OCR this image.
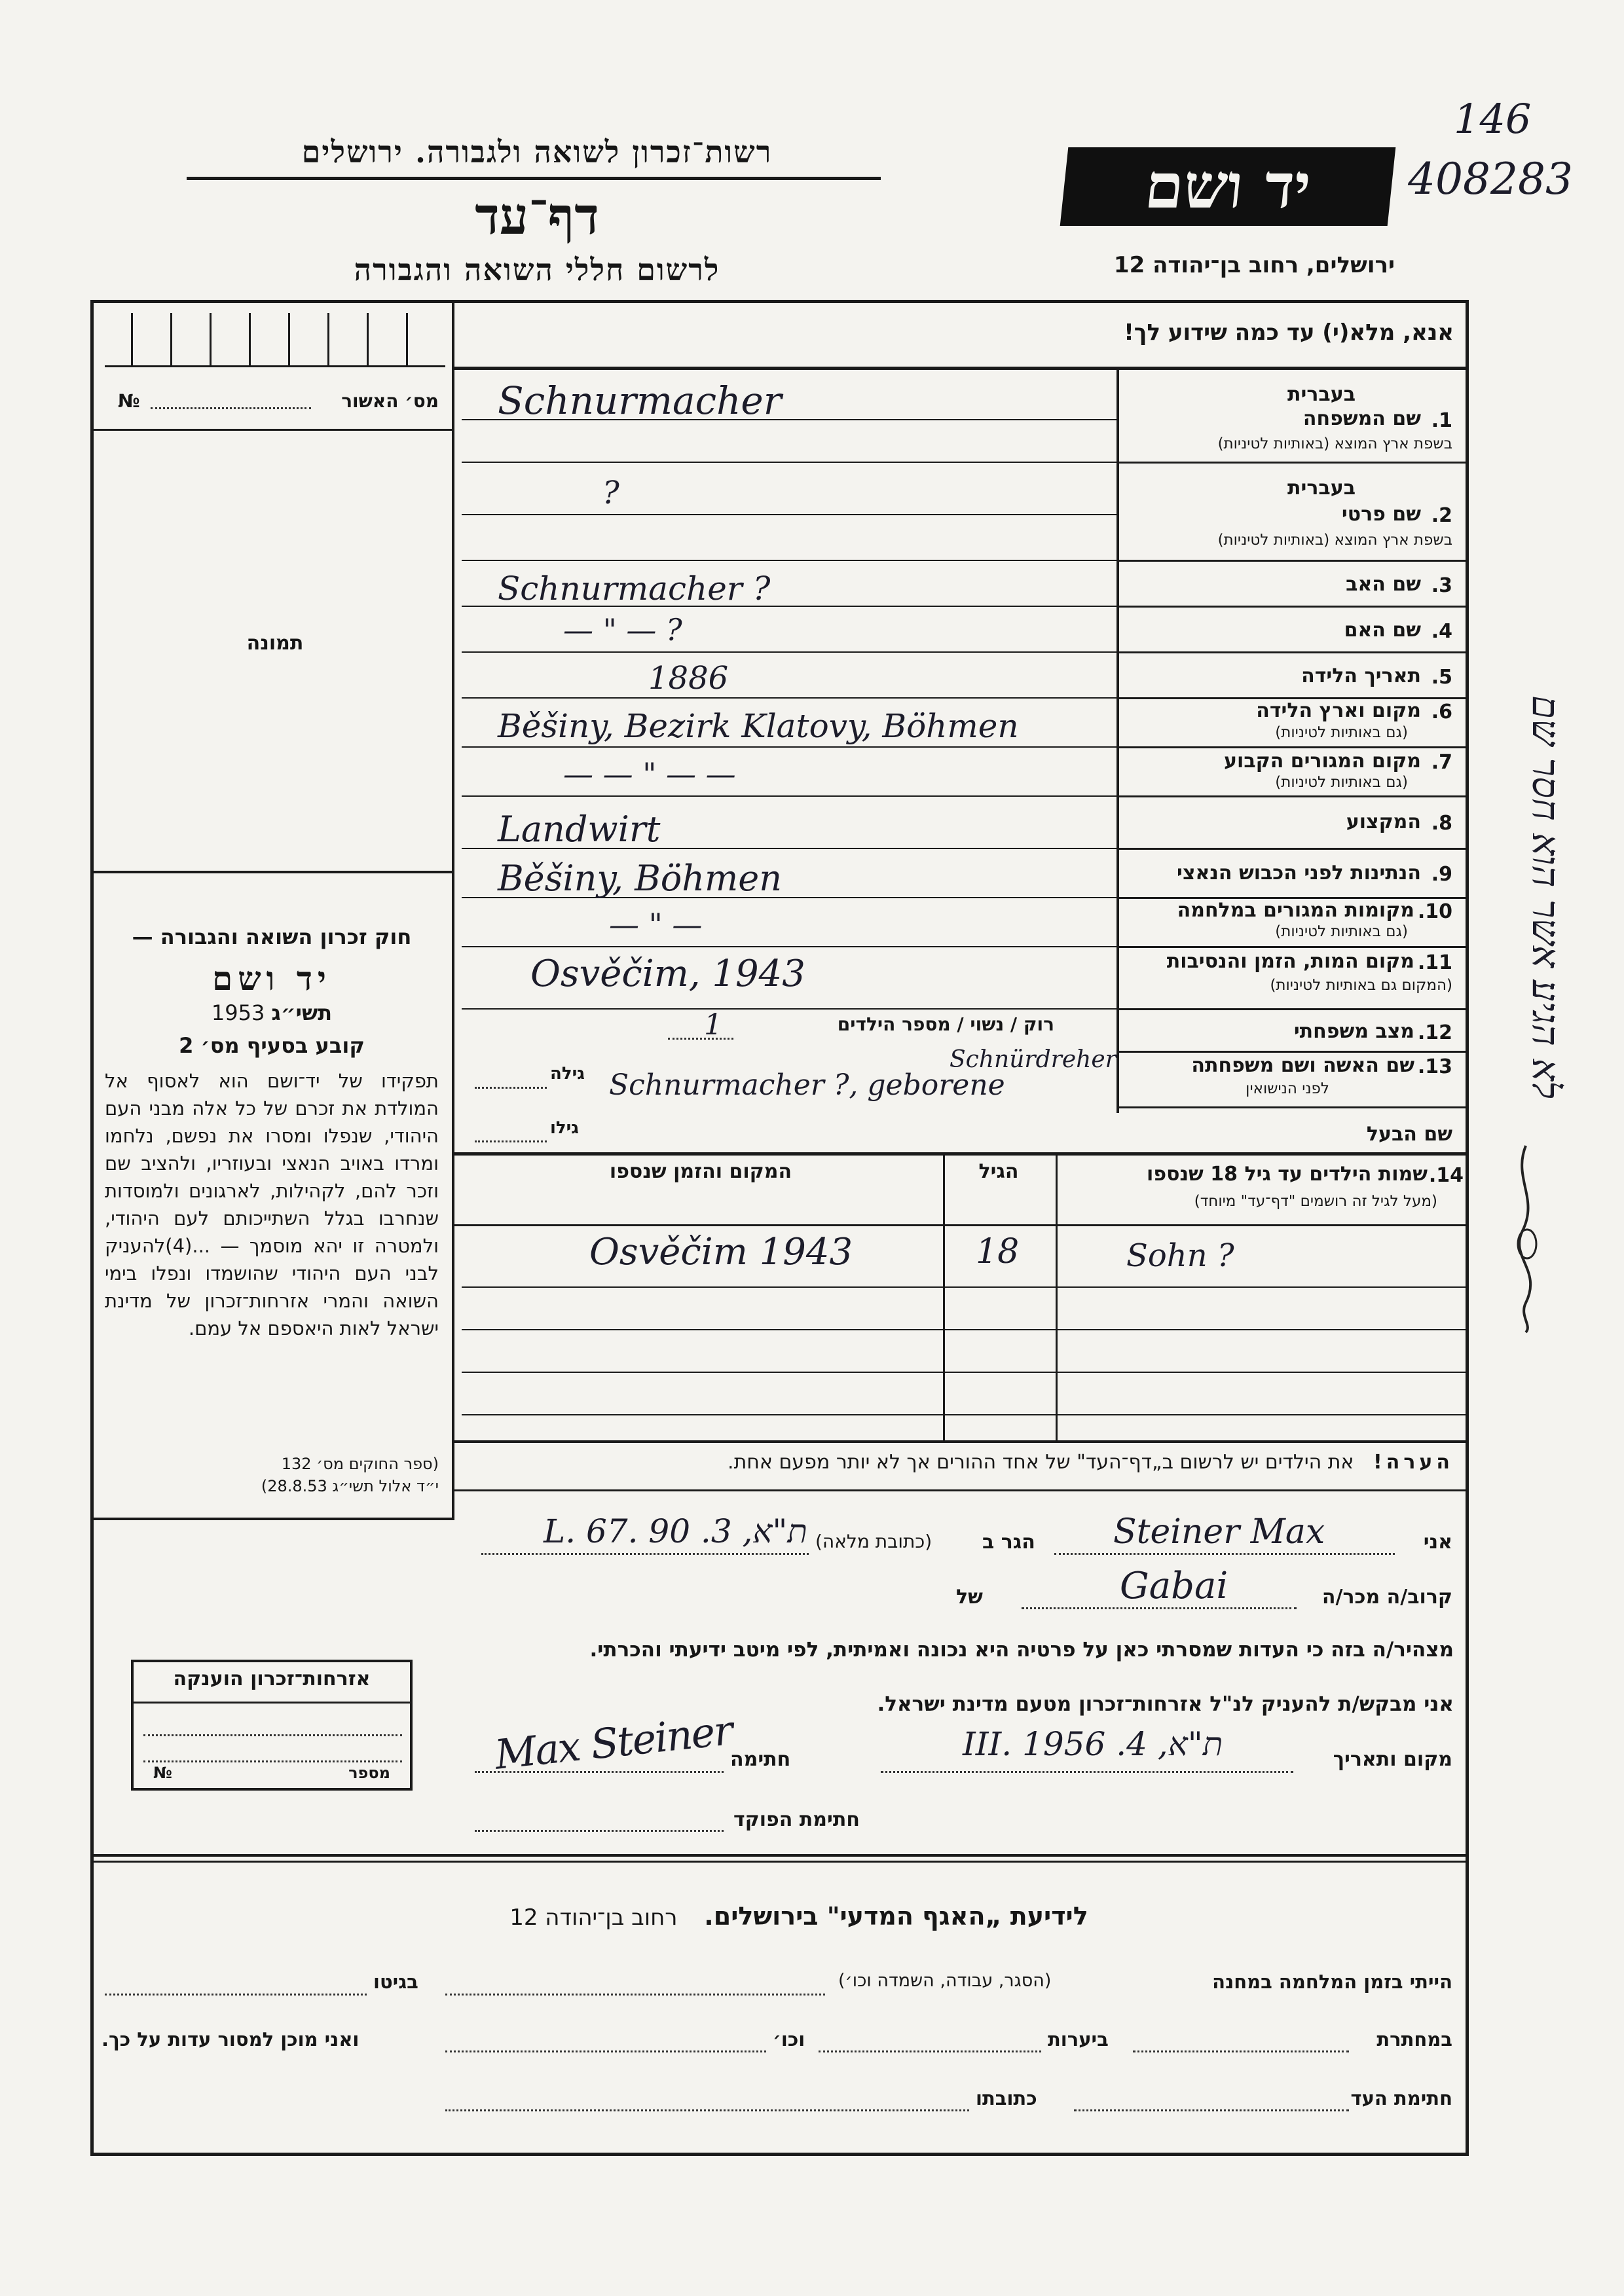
רשות־זכרון לשואה ולגבורה. ירושלים
דף־עד
לרשום חללי השואה והגבורה
יד ושם
ירושלים, רחוב בן־יהודה 12
146
408283
מס׳ האשור
№
תמונה
אנא, מלא(י) עד כמה שידוע לך!
בעברית
1.
שם המשפחה
בשפת ארץ המוצא (באותיות לטיניות)
בעברית
2.
שם פרטי
בשפת ארץ המוצא (באותיות לטיניות)
3.
שם האב
4.
שם האם
5.
תאריך הלידה
6.
מקום וארץ הלידה
(גם באותיות לטיניות)
7.
מקום המגורים הקבוע
(גם באותיות לטיניות)
8.
המקצוע
9.
הנתינות לפני הכבוש הנאצי
10.
מקומות המגורים במלחמה
(גם באותיות לטיניות)
11.
מקום המות, הזמן והנסיבות
(המקום גם באותיות לטיניות)
12.
מצב משפחתי
רוק / נשוי / מספר הילדים
13.
שם האשה ושם משפחתה
לפני הנישואין
גילה
שם הבעל
גילו
Schnurmacher
?
Schnurmacher ?
— " — ?
1886
Běšiny, Bezirk Klatovy, Böhmen
— — " — —
Landwirt
Běšiny, Böhmen
— " —
Osvěčim, 1943
1
Schnürdreher
Schnurmacher ?, geborene
14.
שמות הילדים עד גיל 18 שנספו
(מעל לגיל זה רושמים "דף־עד" מיוחד)
הגיל
המקום והזמן שנספו
Sohn ?
18
Osvěčim 1943
חוק זכרון השואה והגבורה —
יד ושם
תשי״ג 1953
קובע בסעיף מס׳ 2
תפקידו של יד־ושם הוא לאסוף אל המולדת את זכרם של כל אלה מבני העם היהודי, שנפלו ומסרו את נפשם, נלחמו ומרדו באויב הנאצי ובעוזריו, ולהציב שם וזכר להם, לקהילות, לארגונים ולמוסדות שנחרבו בגלל השתייכותם לעם היהודי, ולמטרה זו יהא מוסמך — ...(4)להעניק לבני העם היהודי שהושמדו ונפלו בימי השואה והמרי אזרחות־זכרון של מדינת ישראל לאות היאספם אל עמם.
(ספר החוקים מס׳ 132
י״ד אלול תשי״ג 28.8.53)
הערה! את הילדים יש לרשום ב„דף־העד" של אחד ההורים אך לא יותר מפעם אחת.
אני
Steiner Max
הגר ב
(כתובת מלאה)
ת"א, 3. L. 67. 90
קרוב/ה מכר/ה
Gabai
של
מצהיר/ה בזה כי העדות שמסרתי כאן על פרטיה היא נכונה ואמיתית, לפי מיטב ידיעתי והכרתי.
אני מבקש/ת להעניק לנ"ל אזרחות־זכרון מטעם מדינת ישראל.
מקום ותאריך
ת"א, 4. III. 1956
חתימה
Max Steiner
חתימת הפוקד
אזרחות־זכרון הוענקה
מספר
№
לידיעת „האגף המדעי" בירושלים. רחוב בן־יהודה 12
הייתי בזמן המלחמה במחנה
(הסגר, עבודה, השמדה וכו׳)
בגיטו
במחתרת
ביערות
וכו׳
ואני מוכן למסור עדות על כך.
חתימת העד
כתובתו
לא הגיע אשר הוא חסר שם
